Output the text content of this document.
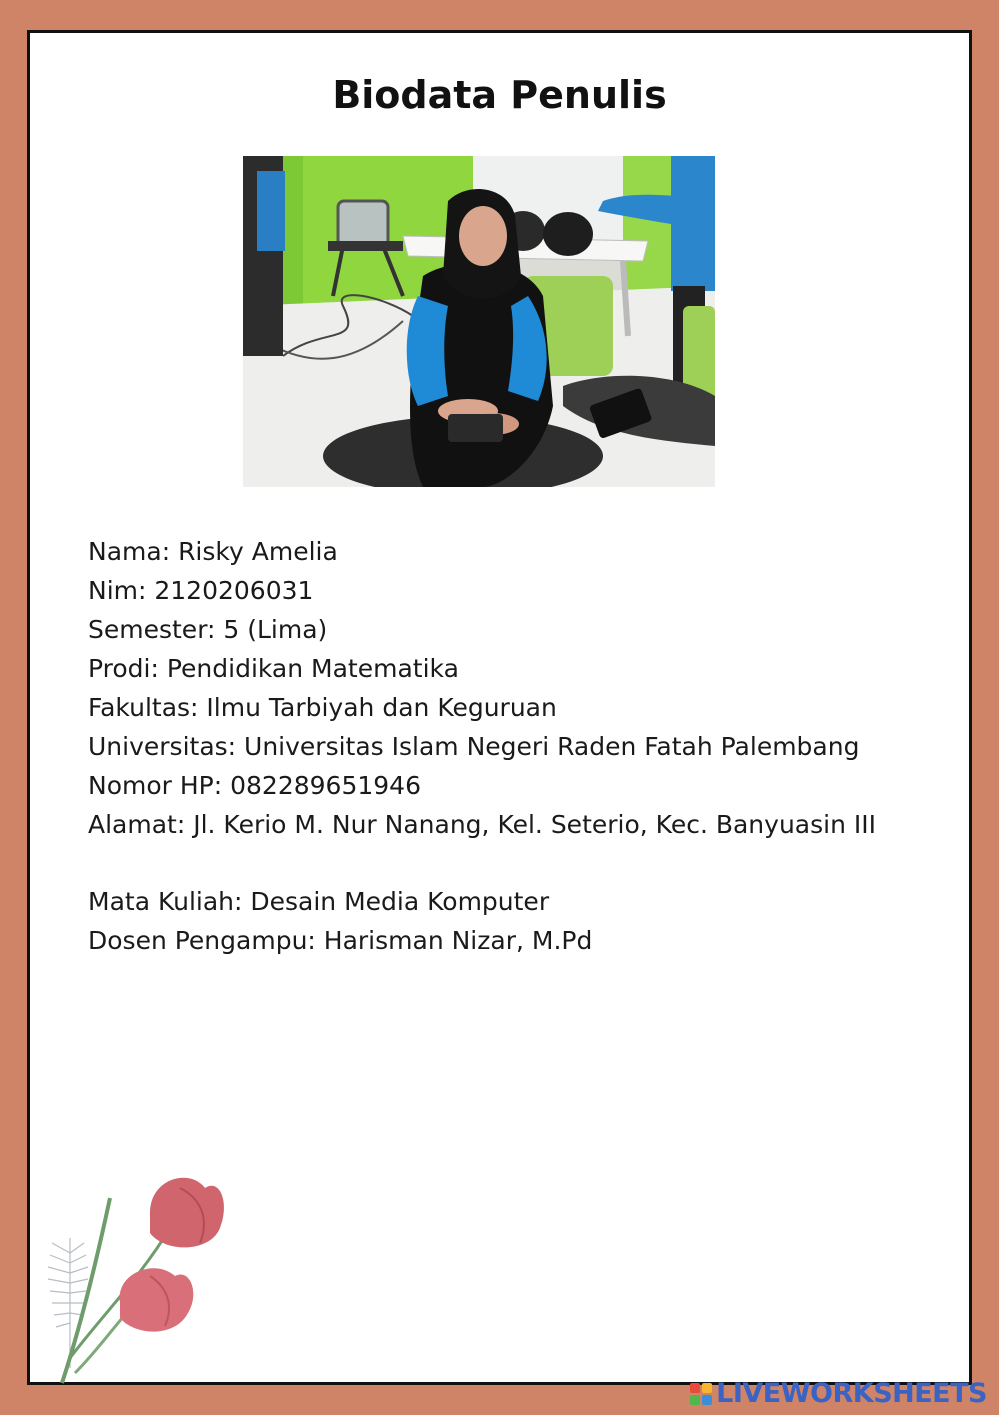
Biodata Penulis
Nama: Risky Amelia
Nim: 2120206031
Semester: 5 (Lima)
Prodi: Pendidikan Matematika
Fakultas: Ilmu Tarbiyah dan Keguruan
Universitas: Universitas Islam Negeri Raden Fatah Palembang
Nomor HP: 082289651946
Alamat: Jl. Kerio M. Nur Nanang, Kel. Seterio, Kec. Banyuasin III
Mata Kuliah: Desain Media Komputer
Dosen Pengampu: Harisman Nizar, M.Pd
LIVEWORKSHEETS
